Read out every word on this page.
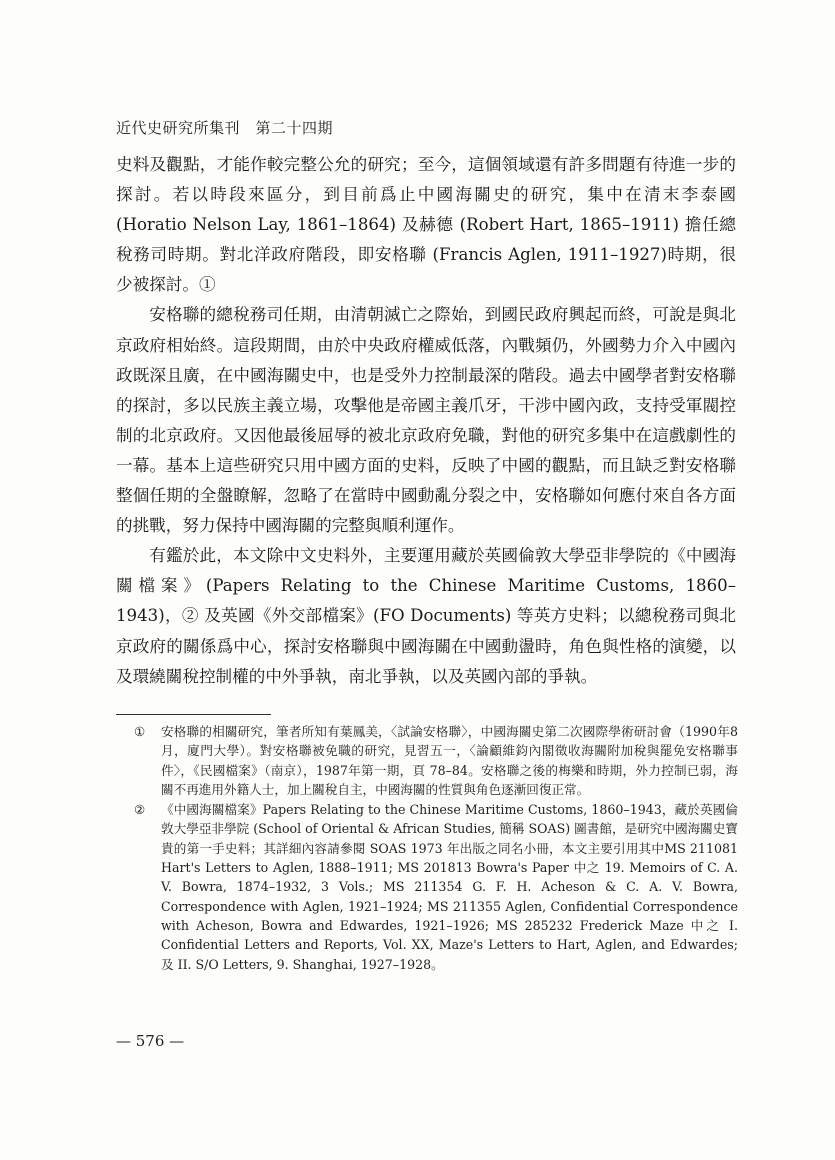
近代史研究所集刊　第二十四期

史料及觀點，才能作較完整公允的研究；至今，這個領域還有許多問題有待進一步的探討。若以時段來區分，到目前爲止中國海關史的研究，集中在清末李泰國 (Horatio Nelson Lay, 1861–1864) 及赫德 (Robert Hart, 1865–1911) 擔任總稅務司時期。對北洋政府階段，即安格聯 (Francis Aglen, 1911–1927)時期，很少被探討。①

安格聯的總稅務司任期，由清朝滅亡之際始，到國民政府興起而終，可說是與北京政府相始終。這段期間，由於中央政府權威低落，內戰頻仍，外國勢力介入中國內政既深且廣，在中國海關史中，也是受外力控制最深的階段。過去中國學者對安格聯的探討，多以民族主義立場，攻擊他是帝國主義爪牙，干涉中國內政，支持受軍閥控制的北京政府。又因他最後屈辱的被北京政府免職，對他的研究多集中在這戲劇性的一幕。基本上這些研究只用中國方面的史料，反映了中國的觀點，而且缺乏對安格聯整個任期的全盤瞭解，忽略了在當時中國動亂分裂之中，安格聯如何應付來自各方面的挑戰，努力保持中國海關的完整與順利運作。

有鑑於此，本文除中文史料外，主要運用藏於英國倫敦大學亞非學院的《中國海關檔案》(Papers Relating to the Chinese Maritime Customs, 1860–1943)，② 及英國《外交部檔案》(FO Documents) 等英方史料；以總稅務司與北京政府的關係爲中心，探討安格聯與中國海關在中國動盪時，角色與性格的演變，以及環繞關稅控制權的中外爭執，南北爭執，以及英國內部的爭執。

①	安格聯的相關研究，筆者所知有葉鳳美，〈試論安格聯〉，中國海關史第二次國際學術研討會（1990年8月，廈門大學）。對安格聯被免職的研究，見習五一，〈論顧維鈞內閣徵收海關附加稅與罷免安格聯事件〉，《民國檔案》（南京），1987年第一期，頁 78–84。安格聯之後的梅樂和時期，外力控制已弱，海關不再進用外籍人士，加上關稅自主，中國海關的性質與角色逐漸回復正常。
②	《中國海關檔案》Papers Relating to the Chinese Maritime Customs, 1860–1943，藏於英國倫敦大學亞非學院 (School of Oriental & African Studies, 簡稱 SOAS) 圖書館，是研究中國海關史寶貴的第一手史料；其詳細內容請參閱 SOAS 1973 年出版之同名小冊，本文主要引用其中MS 211081 Hart's Letters to Aglen, 1888–1911; MS 201813 Bowra's Paper 中之 19. Memoirs of C. A. V. Bowra, 1874–1932, 3 Vols.; MS 211354 G. F. H. Acheson & C. A. V. Bowra, Correspondence with Aglen, 1921–1924; MS 211355 Aglen, Confidential Correspondence with Acheson, Bowra and Edwardes, 1921–1926; MS 285232 Frederick Maze 中之 I. Confidential Letters and Reports, Vol. XX, Maze's Letters to Hart, Aglen, and Edwardes; 及 II. S/O Letters, 9. Shanghai, 1927–1928。
— 576 —
